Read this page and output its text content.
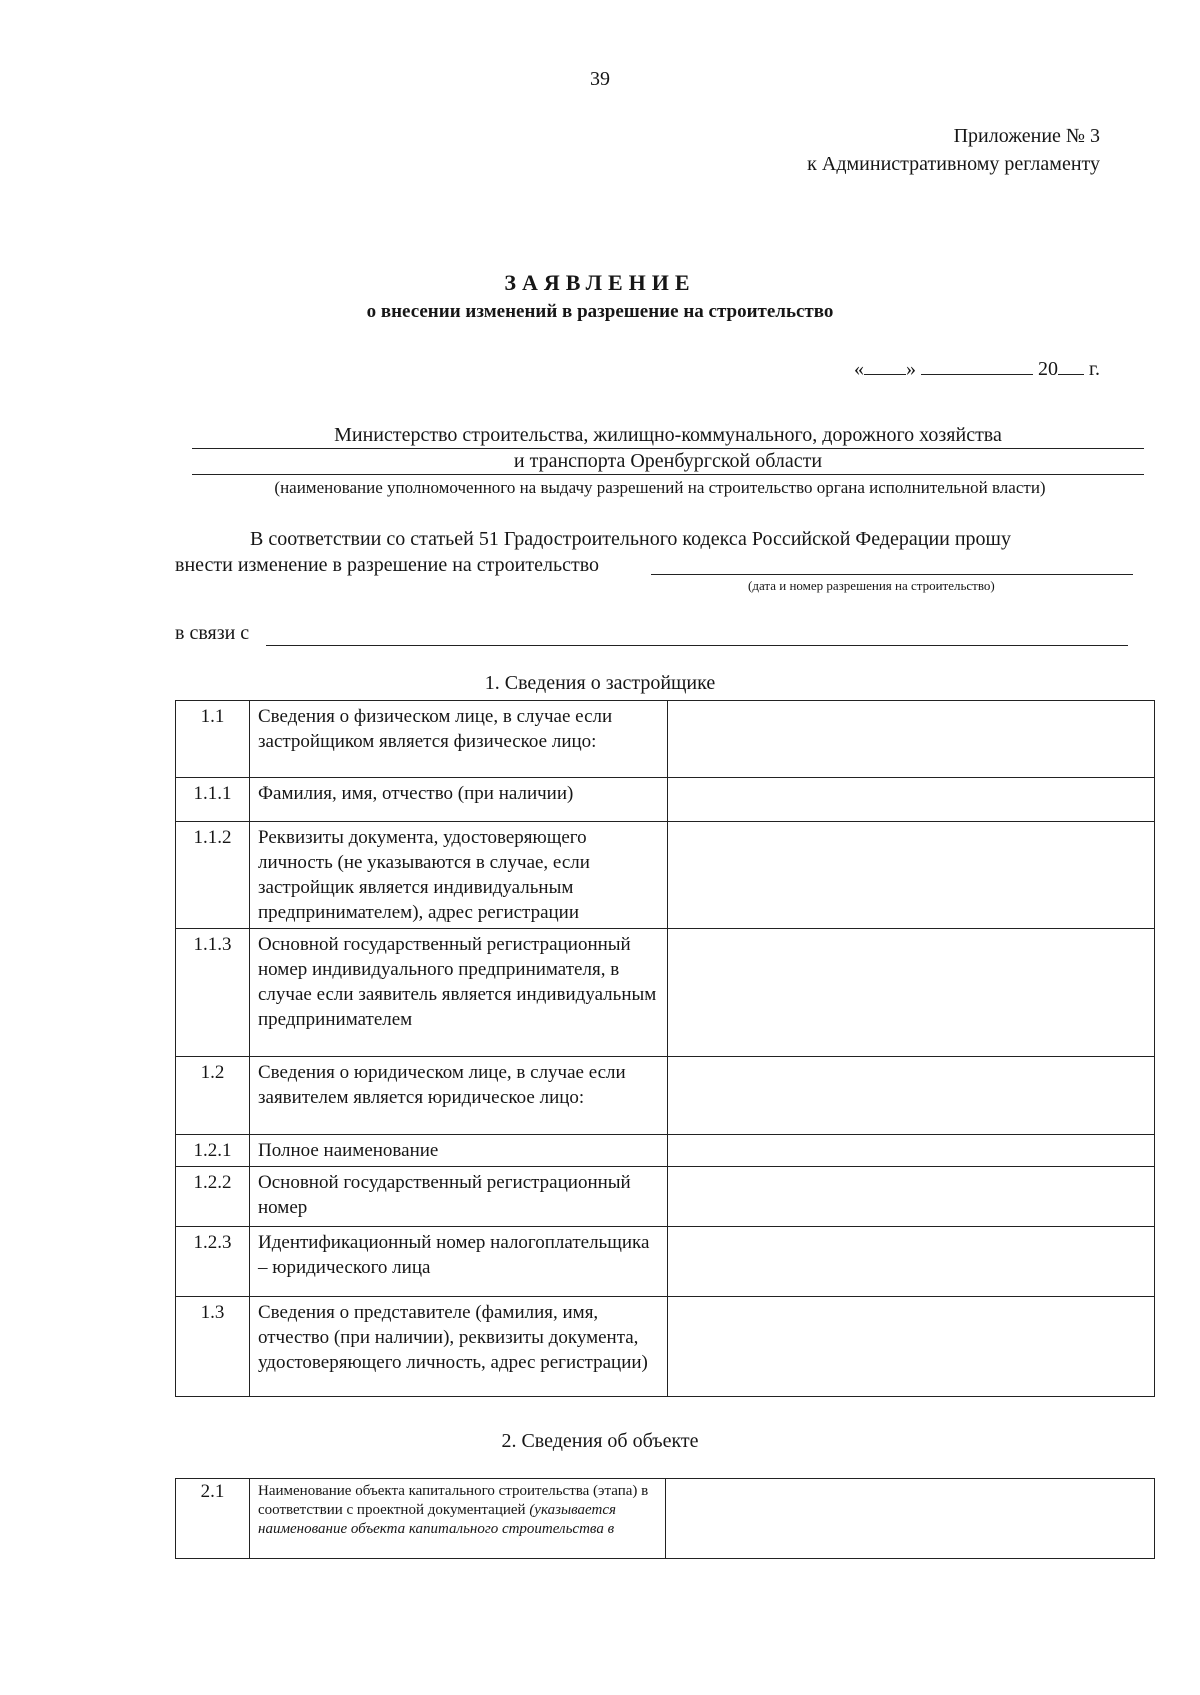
39
Приложение № 3
к Административному регламенту
ЗАЯВЛЕНИЕ
о внесении изменений в разрешение на строительство
« »	20 г.
Министерство строительства, жилищно-коммунального, дорожного хозяйства
и транспорта Оренбургской области
(наименование уполномоченного на выдачу разрешений на строительство органа исполнительной власти)
В соответствии со статьей 51 Градостроительного кодекса Российской Федерации прошу
внести изменение в разрешение на строительство
(дата и номер разрешения на строительство)
в связи с
1. Сведения о застройщике
1.1	Сведения о физическом лице, в случае если застройщиком является физическое лицо:	
1.1.1	Фамилия, имя, отчество (при наличии)	
1.1.2	Реквизиты документа, удостоверяющего личность (не указываются в случае, если застройщик является индивидуальным предпринимателем), адрес регистрации	
1.1.3	Основной государственный регистрационный номер индивидуального предпринимателя, в случае если заявитель является индивидуальным предпринимателем	
1.2	Сведения о юридическом лице, в случае если заявителем является юридическое лицо:	
1.2.1	Полное наименование	
1.2.2	Основной государственный регистрационный номер	
1.2.3	Идентификационный номер налогоплательщика – юридического лица	
1.3	Сведения о представителе (фамилия, имя, отчество (при наличии), реквизиты документа, удостоверяющего личность, адрес регистрации)	
2. Сведения об объекте
2.1	Наименование объекта капитального строительства (этапа) в соответствии с проектной документацией (указывается наименование объекта капитального строительства в	
